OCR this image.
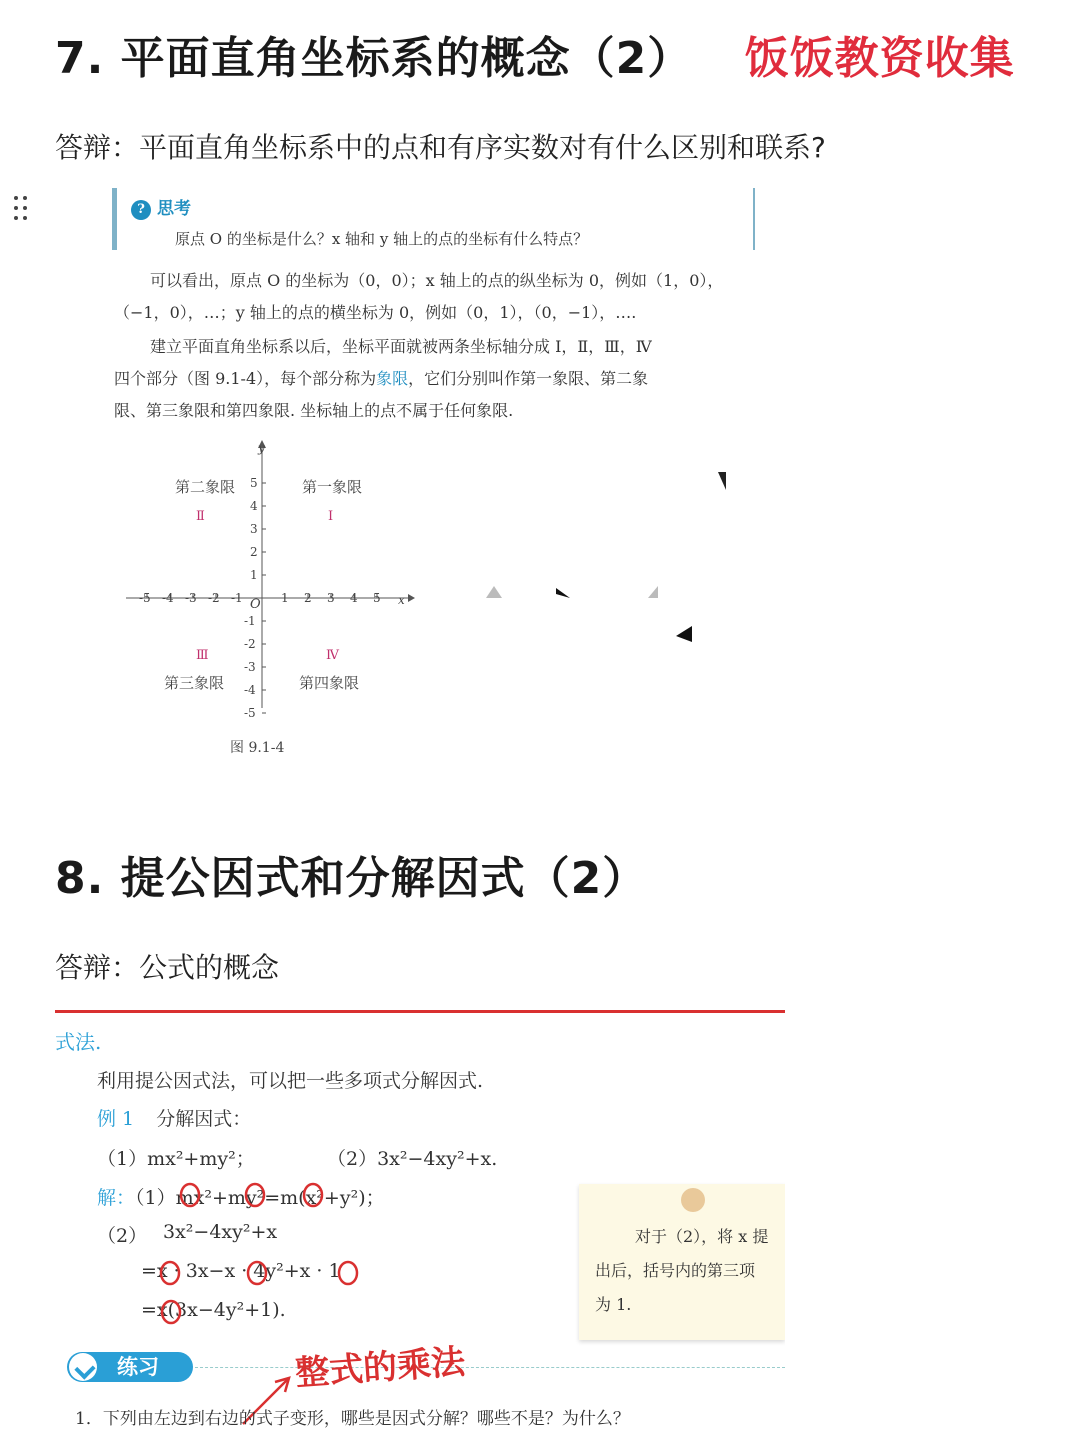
7. 平面直角坐标系的概念（2） 饭饭教资收集
答辩：平面直角坐标系中的点和有序实数对有什么区别和联系?
? 思考
原点 O 的坐标是什么？x 轴和 y 轴上的点的坐标有什么特点？
可以看出，原点 O 的坐标为（0，0）；x 轴上的点的纵坐标为 0，例如（1，0），
（−1，0），…；y 轴上的点的横坐标为 0，例如（0，1），（0，−1），….
建立平面直角坐标系以后，坐标平面就被两条坐标轴分成 Ⅰ，Ⅱ，Ⅲ，Ⅳ
四个部分（图 9.1-4），每个部分称为象限，它们分别叫作第一象限、第二象
限、第三象限和第四象限. 坐标轴上的点不属于任何象限.
-5 -4 -3 -2 -1	1 2 3 4 5
5
4
3
2
1
-1
-2
-3
-4
-5
y
x
O
第一象限
Ⅰ
第二象限
Ⅱ
Ⅲ
第三象限
Ⅳ
第四象限
图 9.1-4
8. 提公因式和分解因式（2）
答辩：公式的概念
式法.
利用提公因式法，可以把一些多项式分解因式.
例 1 分解因式：
（1）mx²+my²；	（2）3x²−4xy²+x.
解：（1）mx²+my²=m(x²+y²)；
（2） 3x²−4xy²+x
=x · 3x−x · 4y²+x · 1
=x(3x−4y²+1).
对于（2），将 x 提
出后，括号内的第三项
为 1.
练习	整式的乘法
1．下列由左边到右边的式子变形，哪些是因式分解？哪些不是？为什么？
